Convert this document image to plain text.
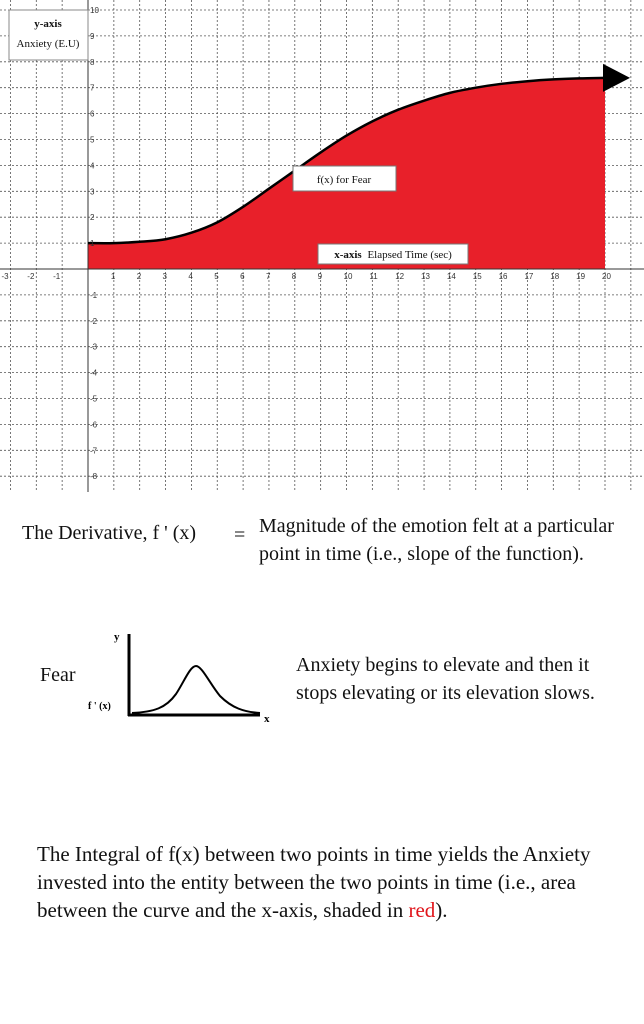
-3 -2 -1	1	2	3	4	5	6	7	8	9	10 11 12 13 14 15 16 17 18 19 20
10
9
8
7
6
5
4
3
2
1
-1
-2
-3
-4
-5
-6
-7
-8
y-axis
Anxiety (E.U)
f(x) for Fear
x-axis Elapsed Time (sec)
The Derivative, f ' (x) = Magnitude of the emotion felt at a particular point in time (i.e., slope of the function).
Fear
y
f ' (x)
x
Anxiety begins to elevate and then it stops elevating or its elevation slows.
The Integral of f(x) between two points in time yields the Anxiety invested into the entity between the two points in time (i.e., area between the curve and the x-axis, shaded in red).
